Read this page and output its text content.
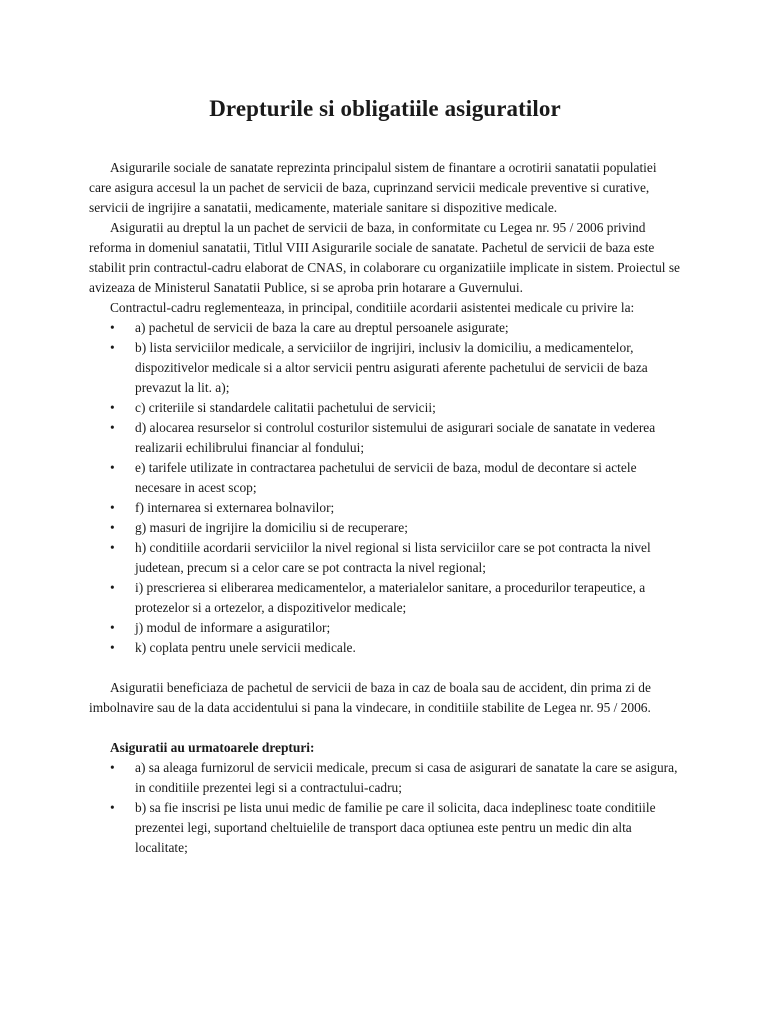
Drepturile si obligatiile asiguratilor

Asigurarile sociale de sanatate reprezinta principalul sistem de finantare a ocrotirii sanatatii populatiei care asigura accesul la un pachet de servicii de baza, cuprinzand servicii medicale preventive si curative, servicii de ingrijire a sanatatii, medicamente, materiale sanitare si dispozitive medicale.

Asiguratii au dreptul la un pachet de servicii de baza, in conformitate cu Legea nr. 95 / 2006 privind reforma in domeniul sanatatii, Titlul VIII Asigurarile sociale de sanatate. Pachetul de servicii de baza este stabilit prin contractul-cadru elaborat de CNAS, in colaborare cu organizatiile implicate in sistem. Proiectul se avizeaza de Ministerul Sanatatii Publice, si se aproba prin hotarare a Guvernului.

Contractul-cadru reglementeaza, in principal, conditiile acordarii asistentei medicale cu privire la:

• a) pachetul de servicii de baza la care au dreptul persoanele asigurate;
• b) lista serviciilor medicale, a serviciilor de ingrijiri, inclusiv la domiciliu, a medicamentelor, dispozitivelor medicale si a altor servicii pentru asigurati aferente pachetului de servicii de baza prevazut la lit. a);
• c) criteriile si standardele calitatii pachetului de servicii;
• d) alocarea resurselor si controlul costurilor sistemului de asigurari sociale de sanatate in vederea realizarii echilibrului financiar al fondului;
• e) tarifele utilizate in contractarea pachetului de servicii de baza, modul de decontare si actele necesare in acest scop;
• f) internarea si externarea bolnavilor;
• g) masuri de ingrijire la domiciliu si de recuperare;
• h) conditiile acordarii serviciilor la nivel regional si lista serviciilor care se pot contracta la nivel judetean, precum si a celor care se pot contracta la nivel regional;
• i) prescrierea si eliberarea medicamentelor, a materialelor sanitare, a procedurilor terapeutice, a protezelor si a ortezelor, a dispozitivelor medicale;
• j) modul de informare a asiguratilor;
• k) coplata pentru unele servicii medicale.

Asiguratii beneficiaza de pachetul de servicii de baza in caz de boala sau de accident, din prima zi de imbolnavire sau de la data accidentului si pana la vindecare, in conditiile stabilite de Legea nr. 95 / 2006.

Asiguratii au urmatoarele drepturi:

• a) sa aleaga furnizorul de servicii medicale, precum si casa de asigurari de sanatate la care se asigura, in conditiile prezentei legi si a contractului-cadru;
• b) sa fie inscrisi pe lista unui medic de familie pe care il solicita, daca indeplinesc toate conditiile prezentei legi, suportand cheltuielile de transport daca optiunea este pentru un medic din alta localitate;
